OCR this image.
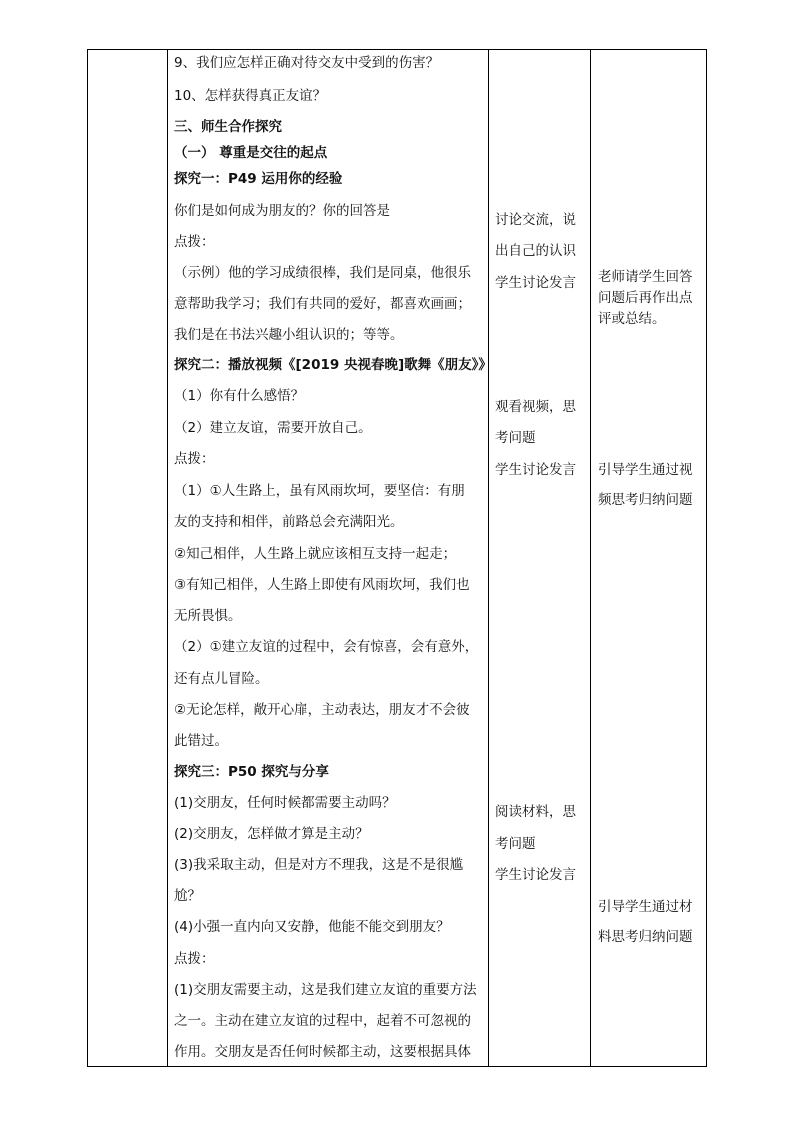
9、我们应怎样正确对待交友中受到的伤害？
10、怎样获得真正友谊？
三、师生合作探究
（一） 尊重是交往的起点
探究一：P49 运用你的经验
你们是如何成为朋友的？你的回答是
点拨：
（示例）他的学习成绩很棒，我们是同桌，他很乐
意帮助我学习；我们有共同的爱好，都喜欢画画；
我们是在书法兴趣小组认识的；等等。
探究二：播放视频《[2019 央视春晚]歌舞《朋友》》
（1）你有什么感悟？
（2）建立友谊，需要开放自己。
点拨：
（1）①人生路上，虽有风雨坎坷，要坚信：有朋
友的支持和相伴，前路总会充满阳光。
②知己相伴，人生路上就应该相互支持一起走；
③有知己相伴，人生路上即使有风雨坎坷，我们也
无所畏惧。
（2）①建立友谊的过程中，会有惊喜，会有意外，
还有点儿冒险。
②无论怎样，敞开心扉，主动表达，朋友才不会彼
此错过。
探究三：P50 探究与分享
(1)交朋友，任何时候都需要主动吗？
(2)交朋友，怎样做才算是主动？
(3)我采取主动，但是对方不理我，这是不是很尴
尬？
(4)小强一直内向又安静，他能不能交到朋友？
点拨：
(1)交朋友需要主动，这是我们建立友谊的重要方法
之一。主动在建立友谊的过程中，起着不可忽视的
作用。交朋友是否任何时候都主动，这要根据具体
讨论交流，说
出自己的认识
学生讨论发言
观看视频，思
考问题
学生讨论发言
阅读材料，思
考问题
学生讨论发言
老师请学生回答
问题后再作出点
评或总结。
引导学生通过视
频思考归纳问题
引导学生通过材
料思考归纳问题
